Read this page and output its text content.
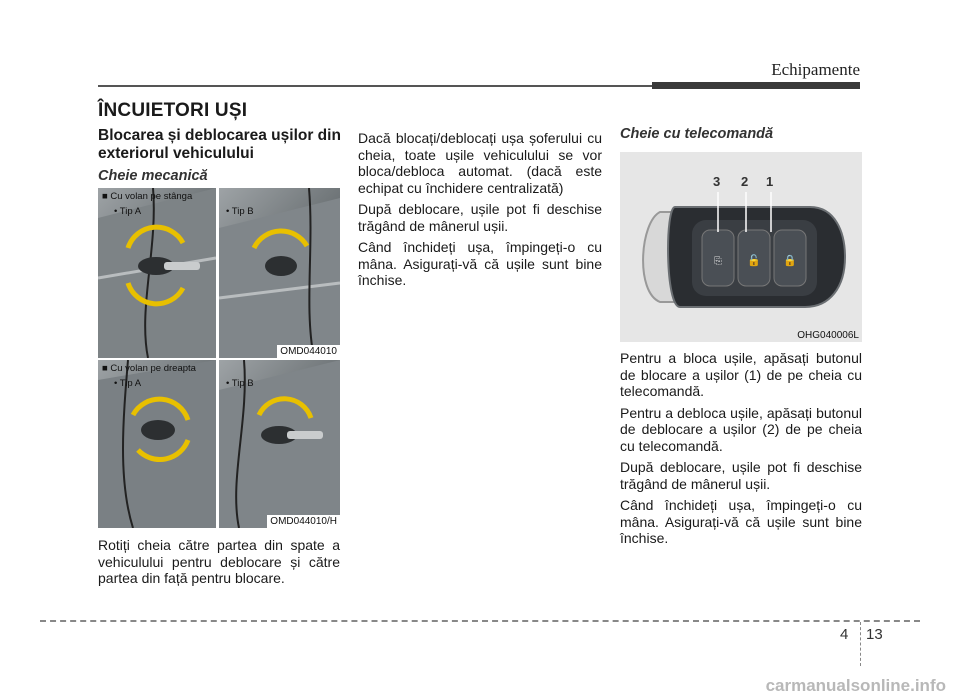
Echipamente
ÎNCUIETORI UȘI
Blocarea și deblocarea ușilor din exteriorul vehiculului
Cheie mecanică
■ Cu volan pe stânga
• Tip A	• Tip B
OMD044010
■ Cu volan pe dreapta
• Tip A	• Tip B
OMD044010/H

Rotiți cheia către partea din spate a vehiculului pentru deblocare și către partea din față pentru blocare.

Dacă blocați/deblocați ușa șoferului cu cheia, toate ușile vehiculului se vor bloca/debloca automat. (dacă este echipat cu închidere centralizată)

După deblocare, ușile pot fi deschise trăgând de mânerul ușii.

Când închideți ușa, împingeți-o cu mâna. Asigurați-vă că ușile sunt bine închise.

Cheie cu telecomandă
⎘ 🔓 🔒
3 2 1
OHG040006L

Pentru a bloca ușile, apăsați butonul de blocare a ușilor (1) de pe cheia cu telecomandă.

Pentru a debloca ușile, apăsați butonul de deblocare a ușilor (2) de pe cheia cu telecomandă.

După deblocare, ușile pot fi deschise trăgând de mânerul ușii.

Când închideți ușa, împingeți-o cu mâna. Asigurați-vă că ușile sunt bine închise.

4 13
carmanualsonline.info
